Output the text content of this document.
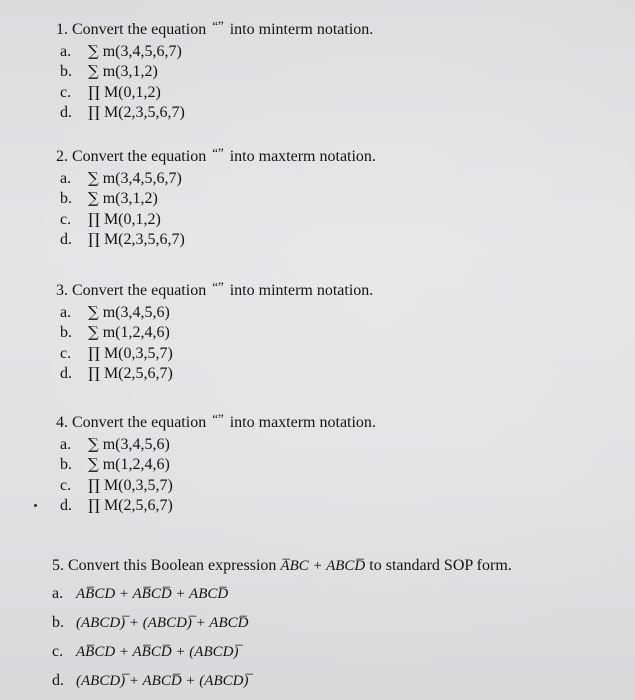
1. Convert the equation “” into minterm notation.
a. ∑ m(3,4,5,6,7)
b. ∑ m(3,1,2)
c. ∏ M(0,1,2)
d. ∏ M(2,3,5,6,7)
2. Convert the equation “” into maxterm notation.
a. ∑ m(3,4,5,6,7)
b. ∑ m(3,1,2)
c. ∏ M(0,1,2)
d. ∏ M(2,3,5,6,7)
3. Convert the equation “” into minterm notation.
a. ∑ m(3,4,5,6)
b. ∑ m(1,2,4,6)
c. ∏ M(0,3,5,7)
d. ∏ M(2,5,6,7)
4. Convert the equation “” into maxterm notation.
a. ∑ m(3,4,5,6)
b. ∑ m(1,2,4,6)
c. ∏ M(0,3,5,7)
d. ∏ M(2,5,6,7)
5. Convert this Boolean expression A̅BC + ABCD̅ to standard SOP form.
a. AB̅CD + AB̅CD̅ + ABCD̅
b. (ABCD)̅ + (ABCD)̅ + ABCD̅
c. AB̅CD + AB̅CD̅ + (ABCD)̅
d. (ABCD)̅ + ABCD̅ + (ABCD)̅
